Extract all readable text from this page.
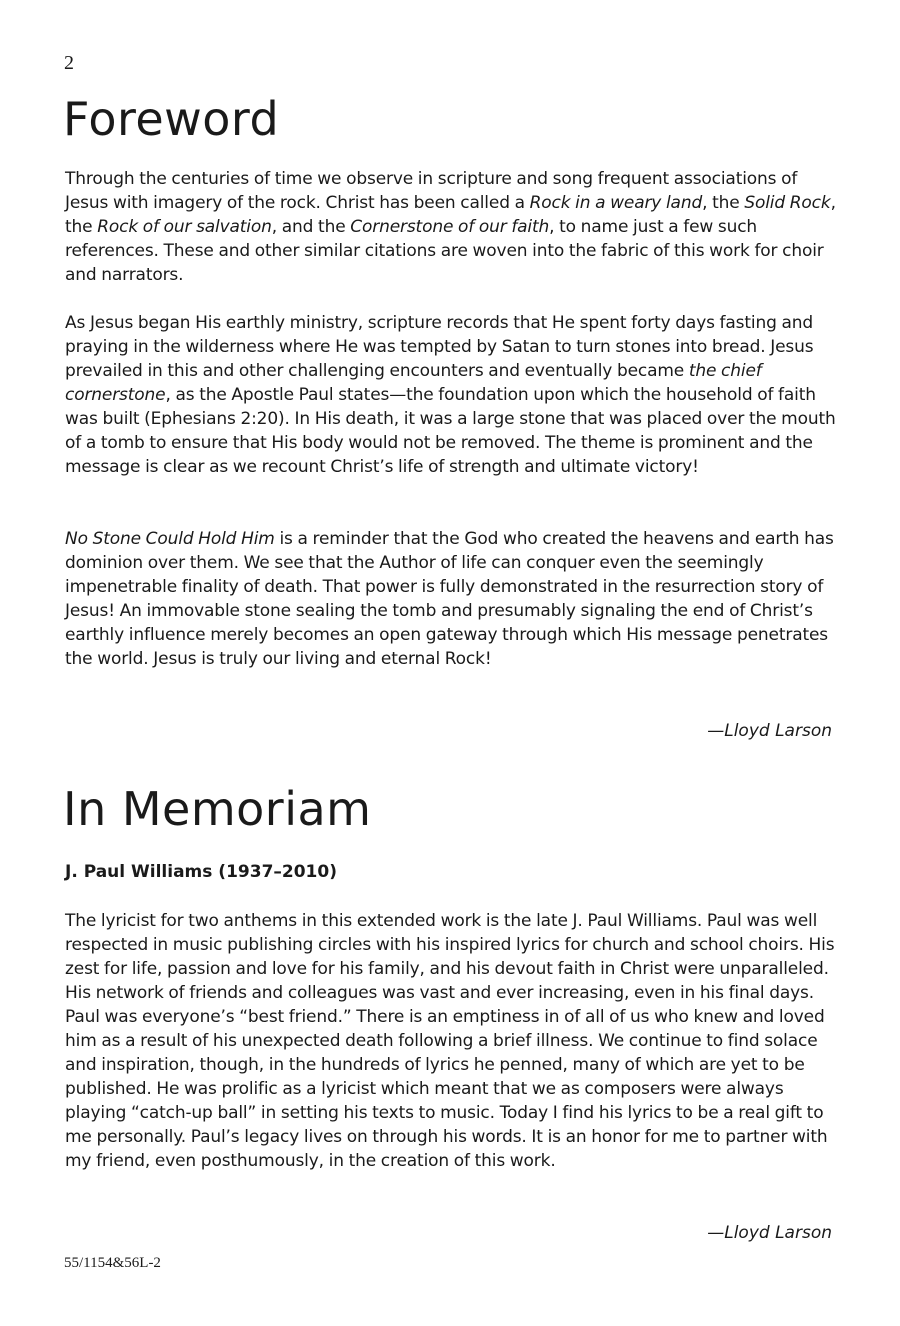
2
Foreword

Through the centuries of time we observe in scripture and song frequent associations of Jesus with imagery of the rock. Christ has been called a Rock in a weary land, the Solid Rock, the Rock of our salvation, and the Cornerstone of our faith, to name just a few such references. These and other similar citations are woven into the fabric of this work for choir and narrators.

As Jesus began His earthly ministry, scripture records that He spent forty days fasting and praying in the wilderness where He was tempted by Satan to turn stones into bread. Jesus prevailed in this and other challenging encounters and eventually became the chief cornerstone, as the Apostle Paul states—the foundation upon which the household of faith was built (Ephesians 2:20). In His death, it was a large stone that was placed over the mouth of a tomb to ensure that His body would not be removed. The theme is prominent and the message is clear as we recount Christ’s life of strength and ultimate victory!

No Stone Could Hold Him is a reminder that the God who created the heavens and earth has dominion over them. We see that the Author of life can conquer even the seemingly impenetrable finality of death. That power is fully demonstrated in the resurrection story of Jesus! An immovable stone sealing the tomb and presumably signaling the end of Christ’s earthly influence merely becomes an open gateway through which His message penetrates the world. Jesus is truly our living and eternal Rock!

—Lloyd Larson
In Memoriam
J. Paul Williams (1937–2010)

The lyricist for two anthems in this extended work is the late J. Paul Williams. Paul was well respected in music publishing circles with his inspired lyrics for church and school choirs. His zest for life, passion and love for his family, and his devout faith in Christ were unparalleled. His network of friends and colleagues was vast and ever increasing, even in his final days. Paul was everyone’s “best friend.” There is an emptiness in of all of us who knew and loved him as a result of his unexpected death following a brief illness. We continue to find solace and inspiration, though, in the hundreds of lyrics he penned, many of which are yet to be published. He was prolific as a lyricist which meant that we as composers were always playing “catch-up ball” in setting his texts to music. Today I find his lyrics to be a real gift to me personally. Paul’s legacy lives on through his words. It is an honor for me to partner with my friend, even posthumously, in the creation of this work.

—Lloyd Larson
55/1154&56L-2
